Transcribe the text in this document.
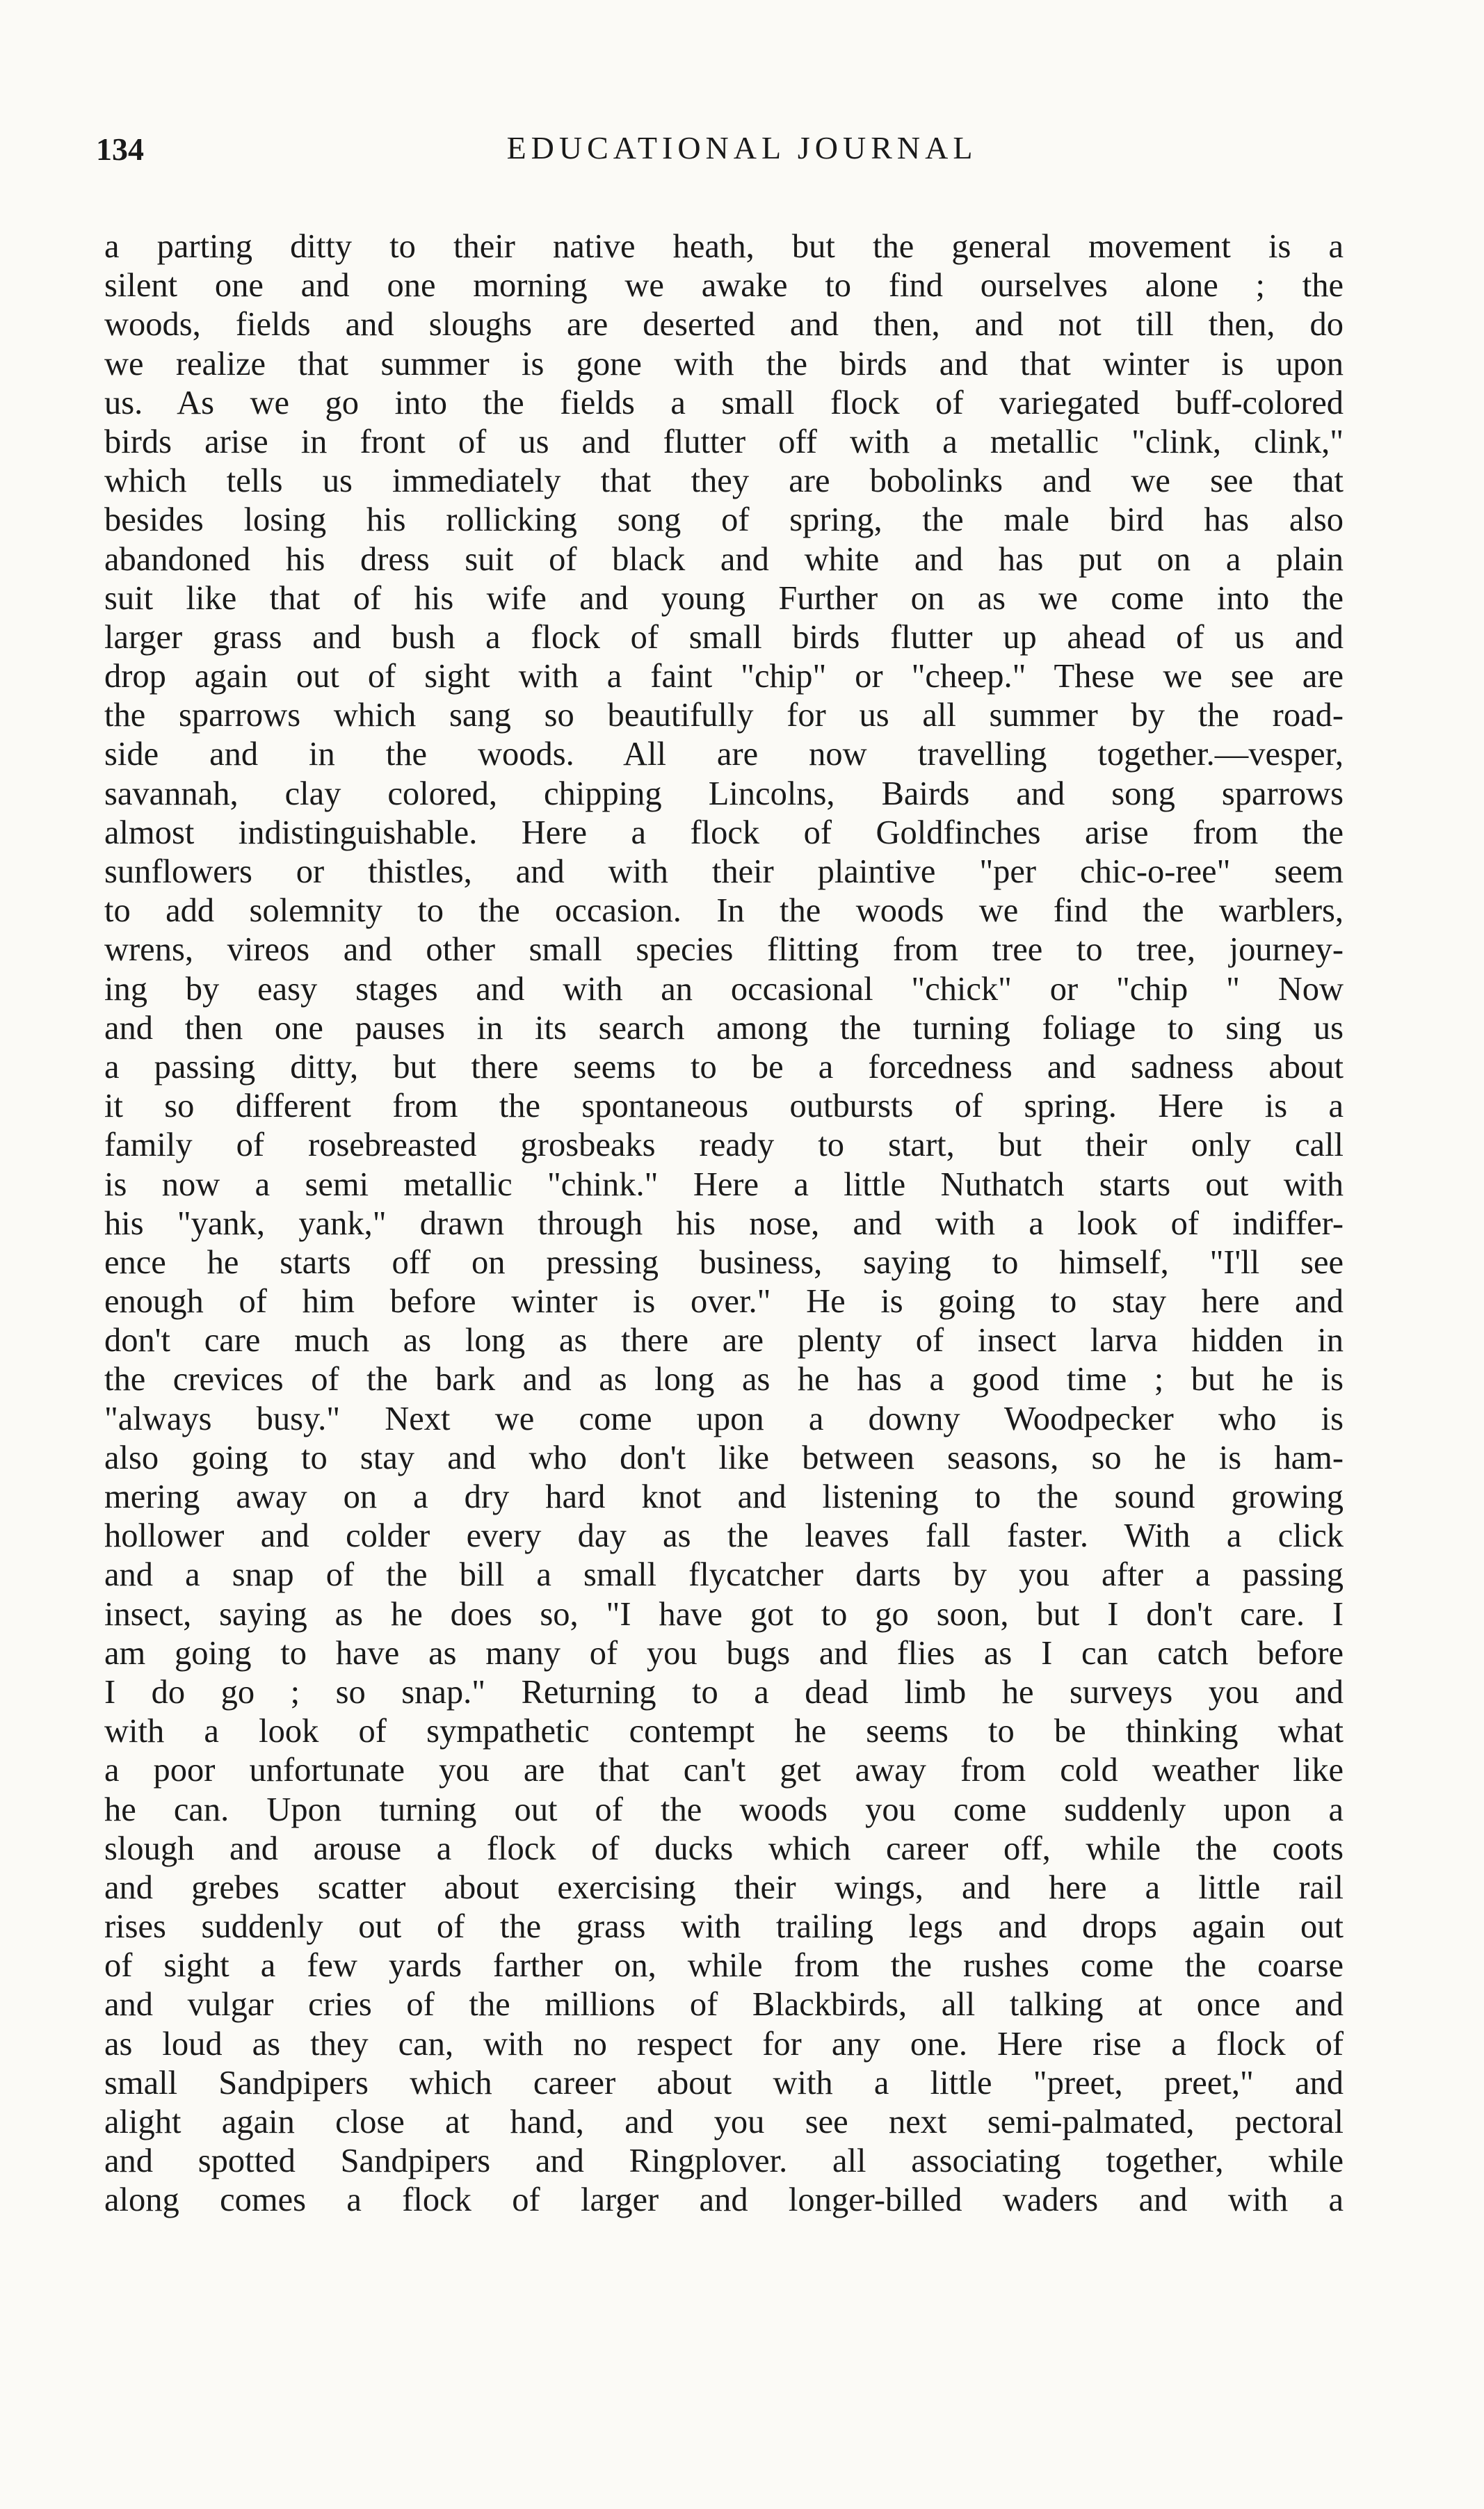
134	EDUCATIONAL JOURNAL
a parting ditty to their native heath, but the general movement is a
silent one and one morning we awake to find ourselves alone ; the
woods, fields and sloughs are deserted and then, and not till then, do
we realize that summer is gone with the birds and that winter is upon
us. As we go into the fields a small flock of variegated buff-colored
birds arise in front of us and flutter off with a metallic "clink, clink,"
which tells us immediately that they are bobolinks and we see that
besides losing his rollicking song of spring, the male bird has also
abandoned his dress suit of black and white and has put on a plain
suit like that of his wife and young Further on as we come into the
larger grass and bush a flock of small birds flutter up ahead of us and
drop again out of sight with a faint "chip" or "cheep." These we see are
the sparrows which sang so beautifully for us all summer by the road-
side and in the woods. All are now travelling together.—vesper,
savannah, clay colored, chipping Lincolns, Bairds and song sparrows
almost indistinguishable. Here a flock of Goldfinches arise from the
sunflowers or thistles, and with their plaintive "per chic-o-ree" seem
to add solemnity to the occasion. In the woods we find the warblers,
wrens, vireos and other small species flitting from tree to tree, journey-
ing by easy stages and with an occasional "chick" or "chip " Now
and then one pauses in its search among the turning foliage to sing us
a passing ditty, but there seems to be a forcedness and sadness about
it so different from the spontaneous outbursts of spring. Here is a
family of rosebreasted grosbeaks ready to start, but their only call
is now a semi metallic "chink." Here a little Nuthatch starts out with
his "yank, yank," drawn through his nose, and with a look of indiffer-
ence he starts off on pressing business, saying to himself, "I'll see
enough of him before winter is over." He is going to stay here and
don't care much as long as there are plenty of insect larva hidden in
the crevices of the bark and as long as he has a good time ; but he is
"always busy." Next we come upon a downy Woodpecker who is
also going to stay and who don't like between seasons, so he is ham-
mering away on a dry hard knot and listening to the sound growing
hollower and colder every day as the leaves fall faster. With a click
and a snap of the bill a small flycatcher darts by you after a passing
insect, saying as he does so, "I have got to go soon, but I don't care. I
am going to have as many of you bugs and flies as I can catch before
I do go ; so snap." Returning to a dead limb he surveys you and
with a look of sympathetic contempt he seems to be thinking what
a poor unfortunate you are that can't get away from cold weather like
he can. Upon turning out of the woods you come suddenly upon a
slough and arouse a flock of ducks which career off, while the coots
and grebes scatter about exercising their wings, and here a little rail
rises suddenly out of the grass with trailing legs and drops again out
of sight a few yards farther on, while from the rushes come the coarse
and vulgar cries of the millions of Blackbirds, all talking at once and
as loud as they can, with no respect for any one. Here rise a flock of
small Sandpipers which career about with a little "preet, preet," and
alight again close at hand, and you see next semi-palmated, pectoral
and spotted Sandpipers and Ringplover. all associating together, while
along comes a flock of larger and longer-billed waders and with a
